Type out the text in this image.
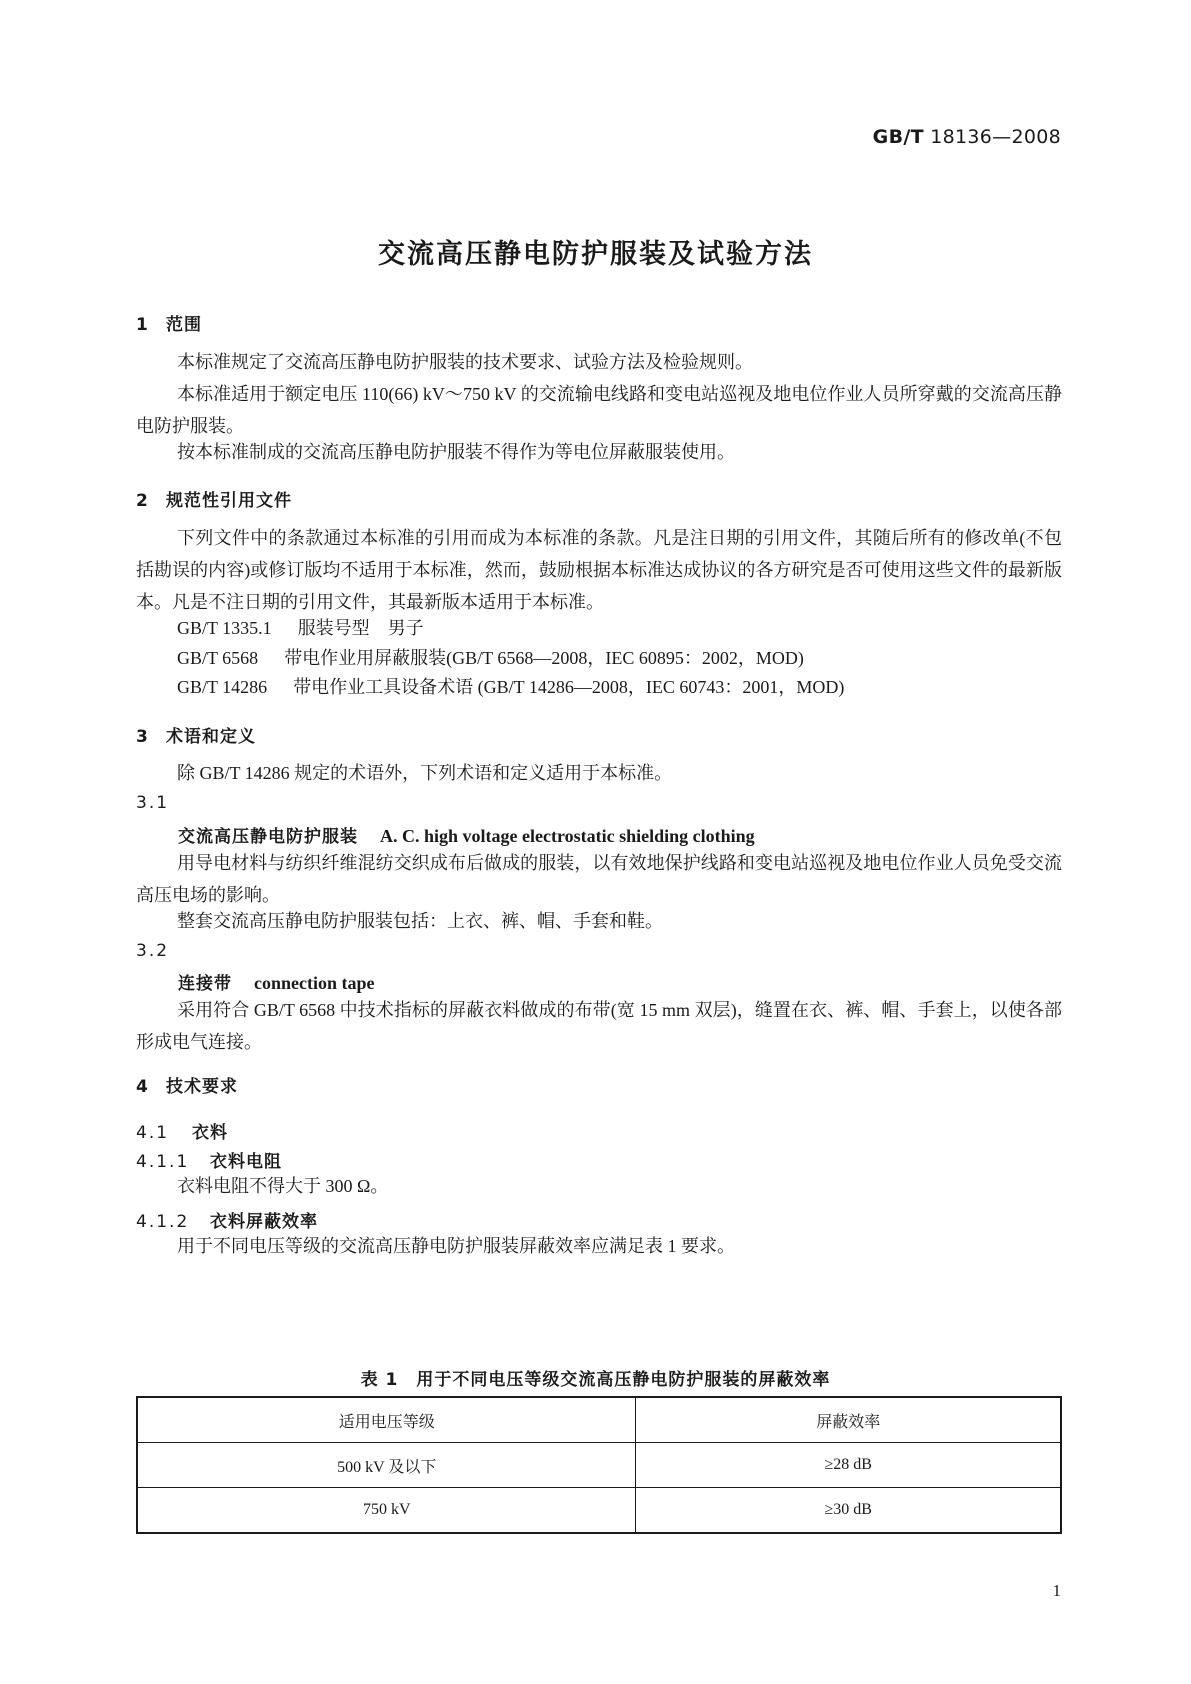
GB/T 18136—2008
交流高压静电防护服装及试验方法
1 范围
本标准规定了交流高压静电防护服装的技术要求、试验方法及检验规则。
本标准适用于额定电压 110(66) kV～750 kV 的交流输电线路和变电站巡视及地电位作业人员所穿戴的交流高压静电防护服装。
按本标准制成的交流高压静电防护服装不得作为等电位屏蔽服装使用。
2 规范性引用文件
下列文件中的条款通过本标准的引用而成为本标准的条款。凡是注日期的引用文件，其随后所有的修改单(不包括勘误的内容)或修订版均不适用于本标准，然而，鼓励根据本标准达成协议的各方研究是否可使用这些文件的最新版本。凡是不注日期的引用文件，其最新版本适用于本标准。
GB/T 1335.1 服装号型　男子
GB/T 6568 带电作业用屏蔽服装(GB/T 6568—2008，IEC 60895：2002，MOD)
GB/T 14286 带电作业工具设备术语 (GB/T 14286—2008，IEC 60743：2001，MOD)
3 术语和定义
除 GB/T 14286 规定的术语外，下列术语和定义适用于本标准。
3.1
交流高压静电防护服装 A. C. high voltage electrostatic shielding clothing
用导电材料与纺织纤维混纺交织成布后做成的服装，以有效地保护线路和变电站巡视及地电位作业人员免受交流高压电场的影响。
整套交流高压静电防护服装包括：上衣、裤、帽、手套和鞋。
3.2
连接带 connection tape
采用符合 GB/T 6568 中技术指标的屏蔽衣料做成的布带(宽 15 mm 双层)，缝置在衣、裤、帽、手套上，以使各部形成电气连接。
4 技术要求
4.1 衣料
4.1.1 衣料电阻
衣料电阻不得大于 300 Ω。
4.1.2 衣料屏蔽效率
用于不同电压等级的交流高压静电防护服装屏蔽效率应满足表 1 要求。
表 1　用于不同电压等级交流高压静电防护服装的屏蔽效率
适用电压等级	屏蔽效率
500 kV 及以下	≥28 dB
750 kV	≥30 dB
1
